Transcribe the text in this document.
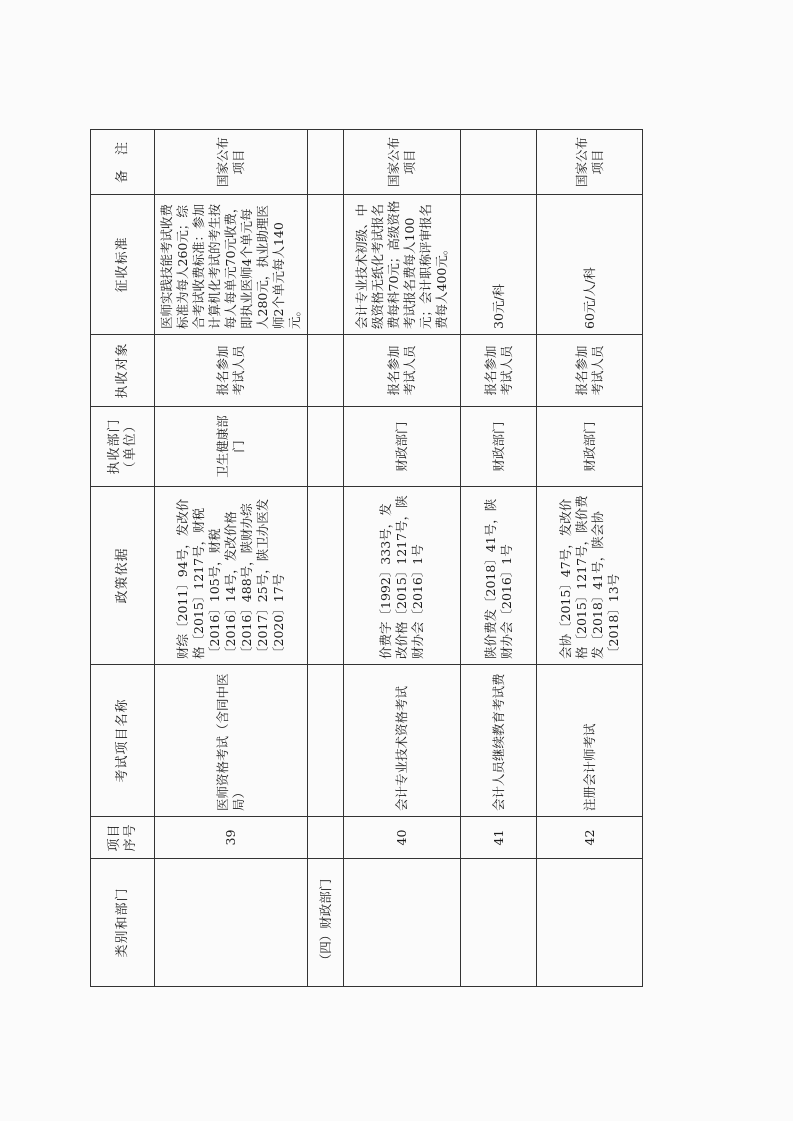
类别和部门	项目序号	考试项目名称	政策依据	执收部门（单位）	执收对象	征收标准	备　注
	39	医师资格考试（含同中医局）	财综〔2011〕94号，发改价格〔2015〕1217号，财税〔2016〕105号，财税〔2016〕14号，发改价格〔2016〕488号，陕财办综〔2017〕25号，陕卫办医发〔2020〕17号	卫生健康部门	报名参加考试人员	医师实践技能考试收费标准为每人260元；综合考试收费标准：参加计算机化考试的考生按每人每单元70元收费，即执业医师4个单元每人280元，执业助理医师2个单元每人140元。	国家公布项目
（四）财政部门							
	40	会计专业技术资格考试	价费字〔1992〕333号，发改价格〔2015〕1217号，陕财办会〔2016〕1号	财政部门	报名参加考试人员	会计专业技术初级、中级资格无纸化考试报名费每科70元；高级资格考试报名费每人100元；会计职称评审报名费每人400元。	国家公布项目
	41	会计人员继续教育考试费	陕价费发〔2018〕41号，陕财办会〔2016〕1号	财政部门	报名参加考试人员	30元/科	
	42	注册会计师考试	会协〔2015〕47号，发改价格〔2015〕1217号，陕价费发〔2018〕41号，陕会协〔2018〕13号	财政部门	报名参加考试人员	60元/人/科	国家公布项目
